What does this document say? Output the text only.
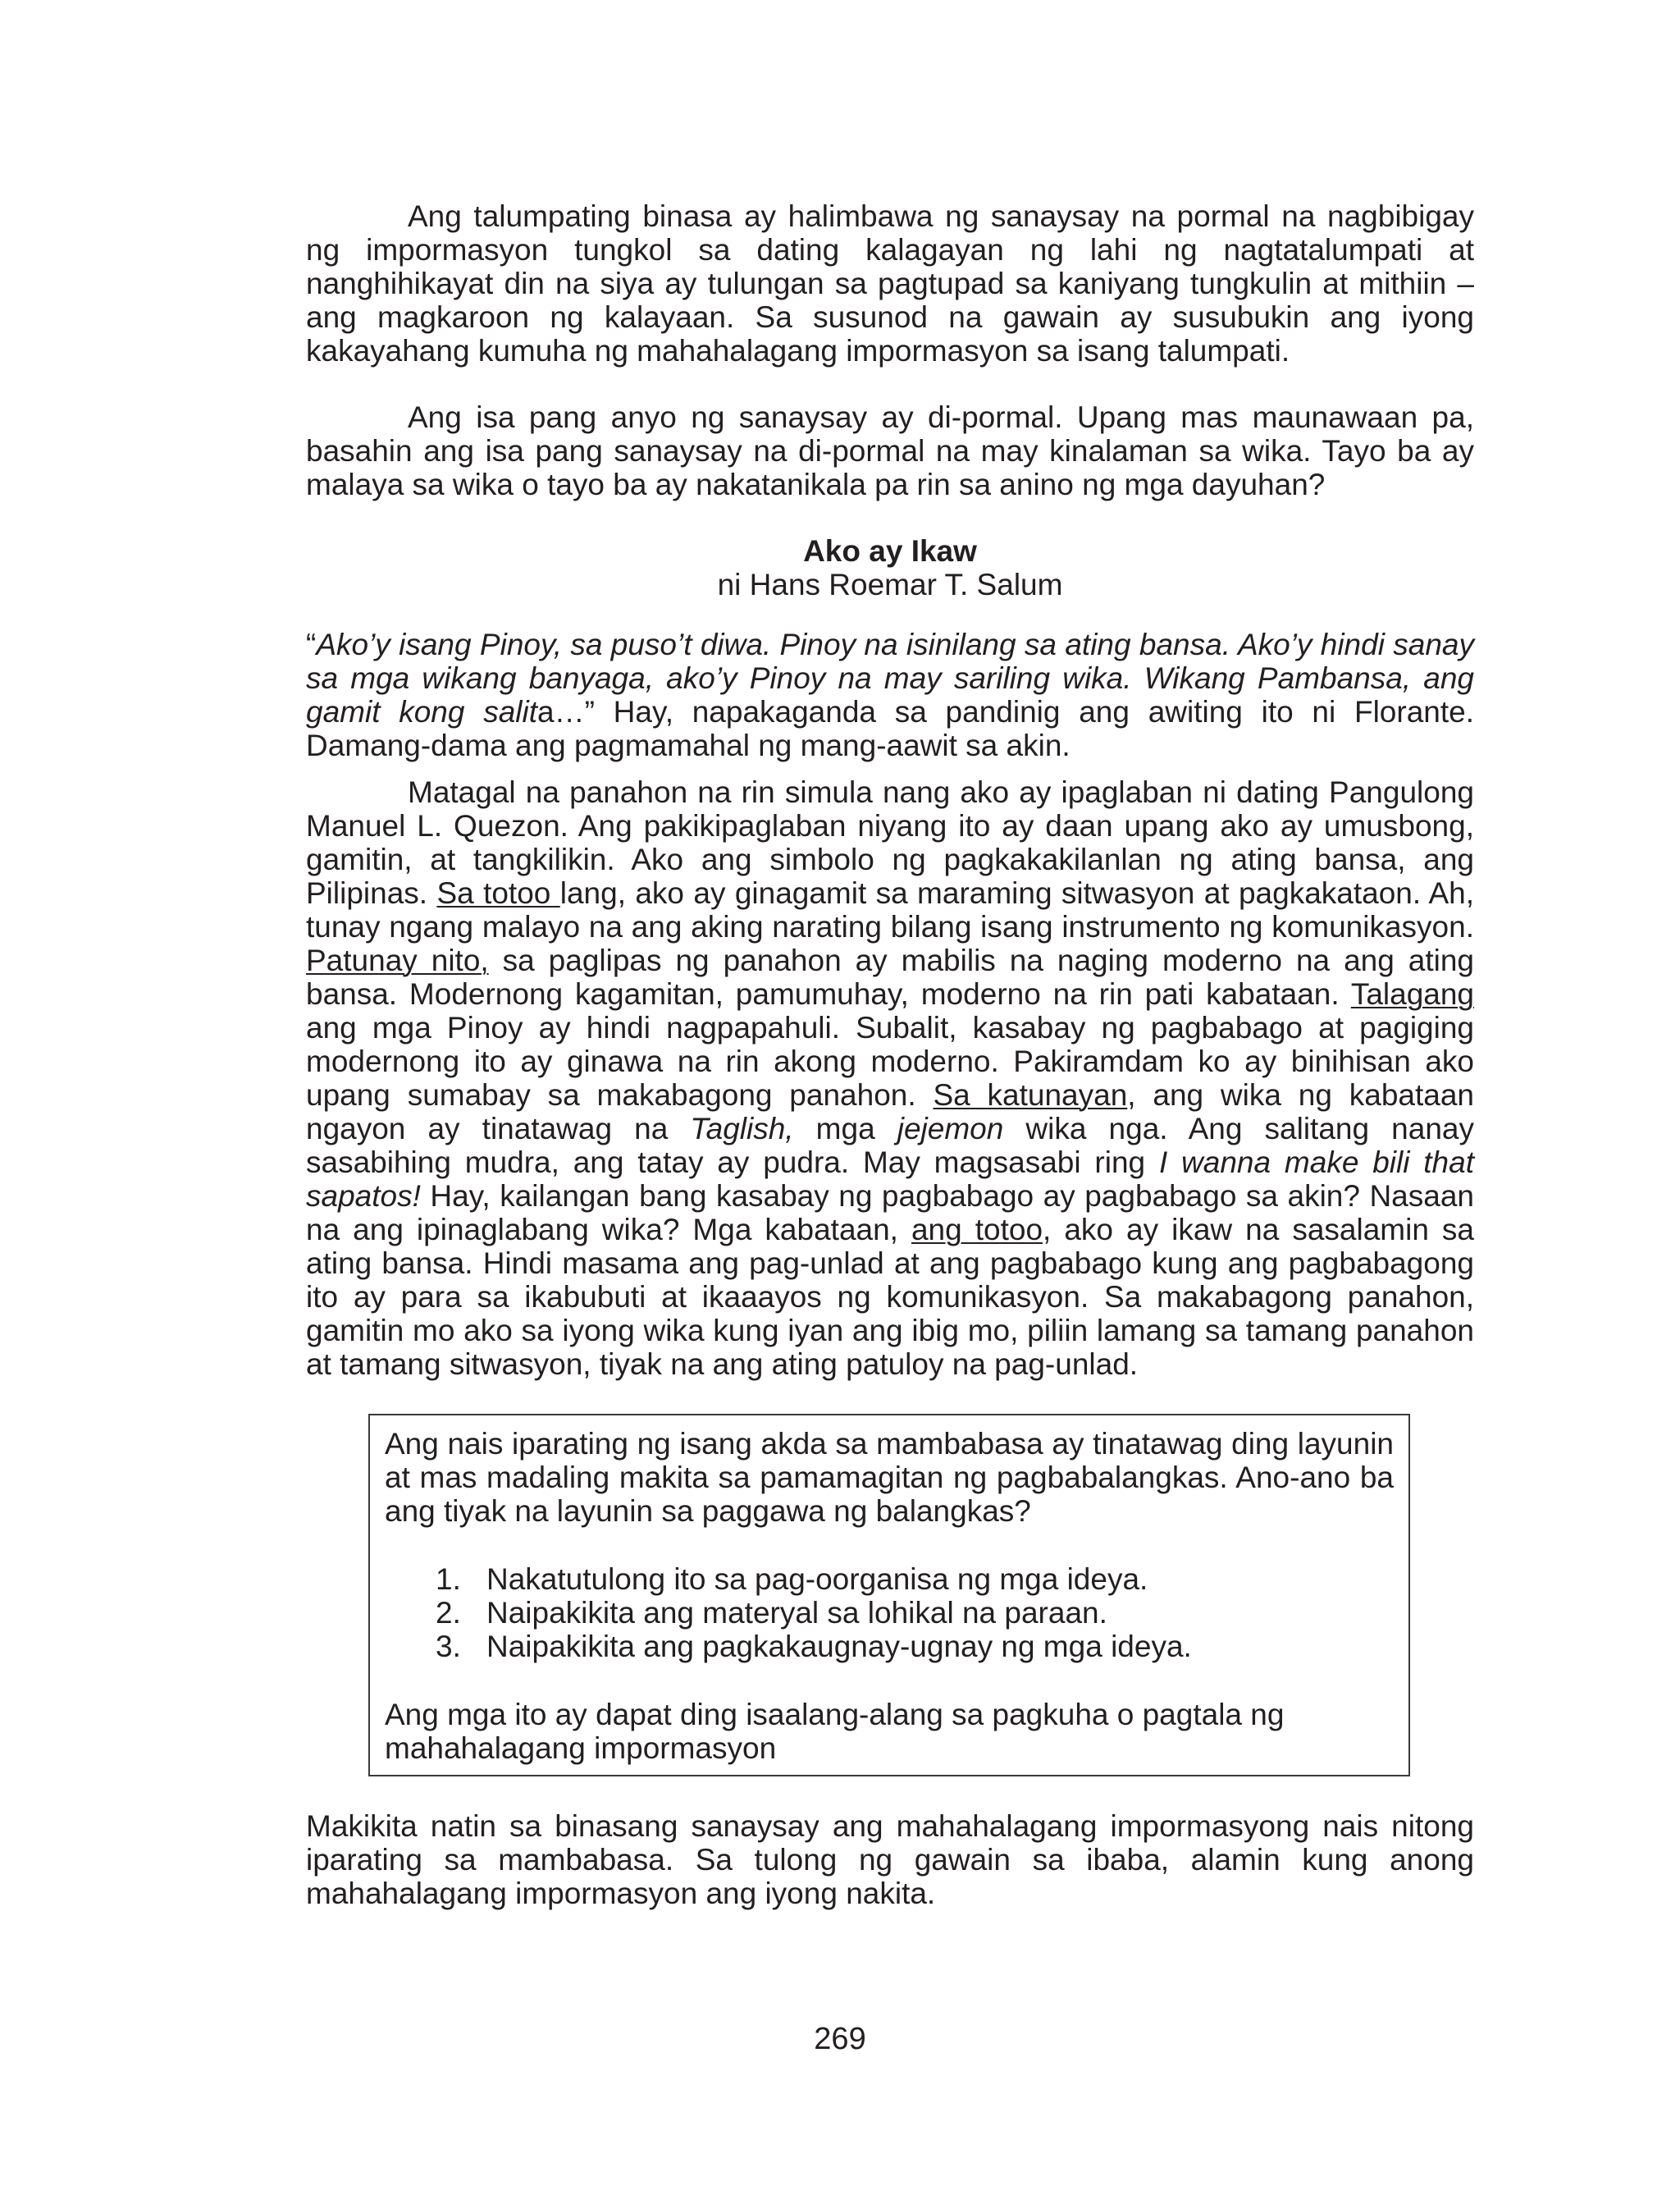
Ang talumpating binasa ay halimbawa ng sanaysay na pormal na nagbibigay ng impormasyon tungkol sa dating kalagayan ng lahi ng nagtatalumpati at nanghihikayat din na siya ay tulungan sa pagtupad sa kaniyang tungkulin at mithiin – ang magkaroon ng kalayaan. Sa susunod na gawain ay susubukin ang iyong kakayahang kumuha ng mahahalagang impormasyon sa isang talumpati.

Ang isa pang anyo ng sanaysay ay di-pormal. Upang mas maunawaan pa, basahin ang isa pang sanaysay na di-pormal na may kinalaman sa wika. Tayo ba ay malaya sa wika o tayo ba ay nakatanikala pa rin sa anino ng mga dayuhan?

Ako ay Ikaw
ni Hans Roemar T. Salum

“Ako’y isang Pinoy, sa puso’t diwa. Pinoy na isinilang sa ating bansa. Ako’y hindi sanay sa mga wikang banyaga, ako’y Pinoy na may sariling wika. Wikang Pambansa, ang gamit kong salita…” Hay, napakaganda sa pandinig ang awiting ito ni Florante. Damang-dama ang pagmamahal ng mang-aawit sa akin.

Matagal na panahon na rin simula nang ako ay ipaglaban ni dating Pangulong Manuel L. Quezon. Ang pakikipaglaban niyang ito ay daan upang ako ay umusbong, gamitin, at tangkilikin. Ako ang simbolo ng pagkakakilanlan ng ating bansa, ang Pilipinas. Sa totoo lang, ako ay ginagamit sa maraming sitwasyon at pagkakataon. Ah, tunay ngang malayo na ang aking narating bilang isang instrumento ng komunikasyon. Patunay nito, sa paglipas ng panahon ay mabilis na naging moderno na ang ating bansa. Modernong kagamitan, pamumuhay, moderno na rin pati kabataan. Talagang ang mga Pinoy ay hindi nagpapahuli. Subalit, kasabay ng pagbabago at pagiging modernong ito ay ginawa na rin akong moderno. Pakiramdam ko ay binihisan ako upang sumabay sa makabagong panahon. Sa katunayan, ang wika ng kabataan ngayon ay tinatawag na Taglish, mga jejemon wika nga. Ang salitang nanay sasabihing mudra, ang tatay ay pudra. May magsasabi ring I wanna make bili that sapatos! Hay, kailangan bang kasabay ng pagbabago ay pagbabago sa akin? Nasaan na ang ipinaglabang wika? Mga kabataan, ang totoo, ako ay ikaw na sasalamin sa ating bansa. Hindi masama ang pag-unlad at ang pagbabago kung ang pagbabagong ito ay para sa ikabubuti at ikaaayos ng komunikasyon. Sa makabagong panahon, gamitin mo ako sa iyong wika kung iyan ang ibig mo, piliin lamang sa tamang panahon at tamang sitwasyon, tiyak na ang ating patuloy na pag-unlad.

Ang nais iparating ng isang akda sa mambabasa ay tinatawag ding layunin at mas madaling makita sa pamamagitan ng pagbabalangkas. Ano-ano ba ang tiyak na layunin sa paggawa ng balangkas?

1. Nakatutulong ito sa pag-oorganisa ng mga ideya.
2. Naipakikita ang materyal sa lohikal na paraan.
3. Naipakikita ang pagkakaugnay-ugnay ng mga ideya.

Ang mga ito ay dapat ding isaalang-alang sa pagkuha o pagtala ng mahahalagang impormasyon

Makikita natin sa binasang sanaysay ang mahahalagang impormasyong nais nitong iparating sa mambabasa. Sa tulong ng gawain sa ibaba, alamin kung anong mahahalagang impormasyon ang iyong nakita.

269
